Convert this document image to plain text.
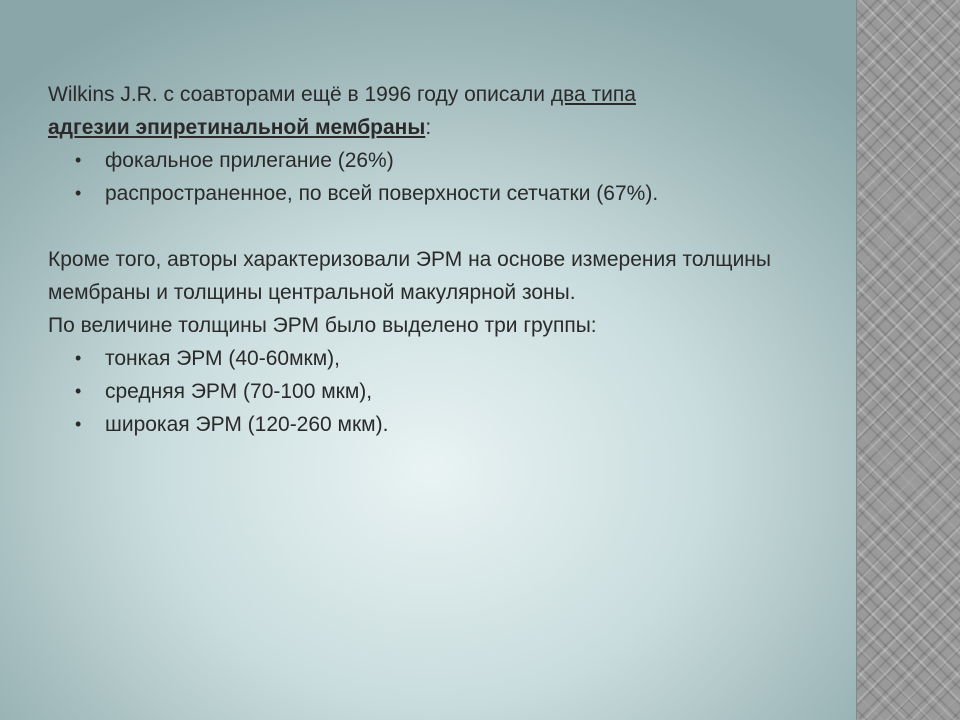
Wilkins J.R. с соавторами ещё в 1996 году описали два типа
адгезии эпиретинальной мембраны:

• фокальное прилегание (26%)
• распространенное, по всей поверхности сетчатки (67%).

Кроме того, авторы характеризовали ЭРМ на основе измерения толщины мембраны и толщины центральной макулярной зоны.

По величине толщины ЭРМ было выделено три группы:

• тонкая ЭРМ (40-60мкм),
• средняя ЭРМ (70-100 мкм),
• широкая ЭРМ (120-260 мкм).
